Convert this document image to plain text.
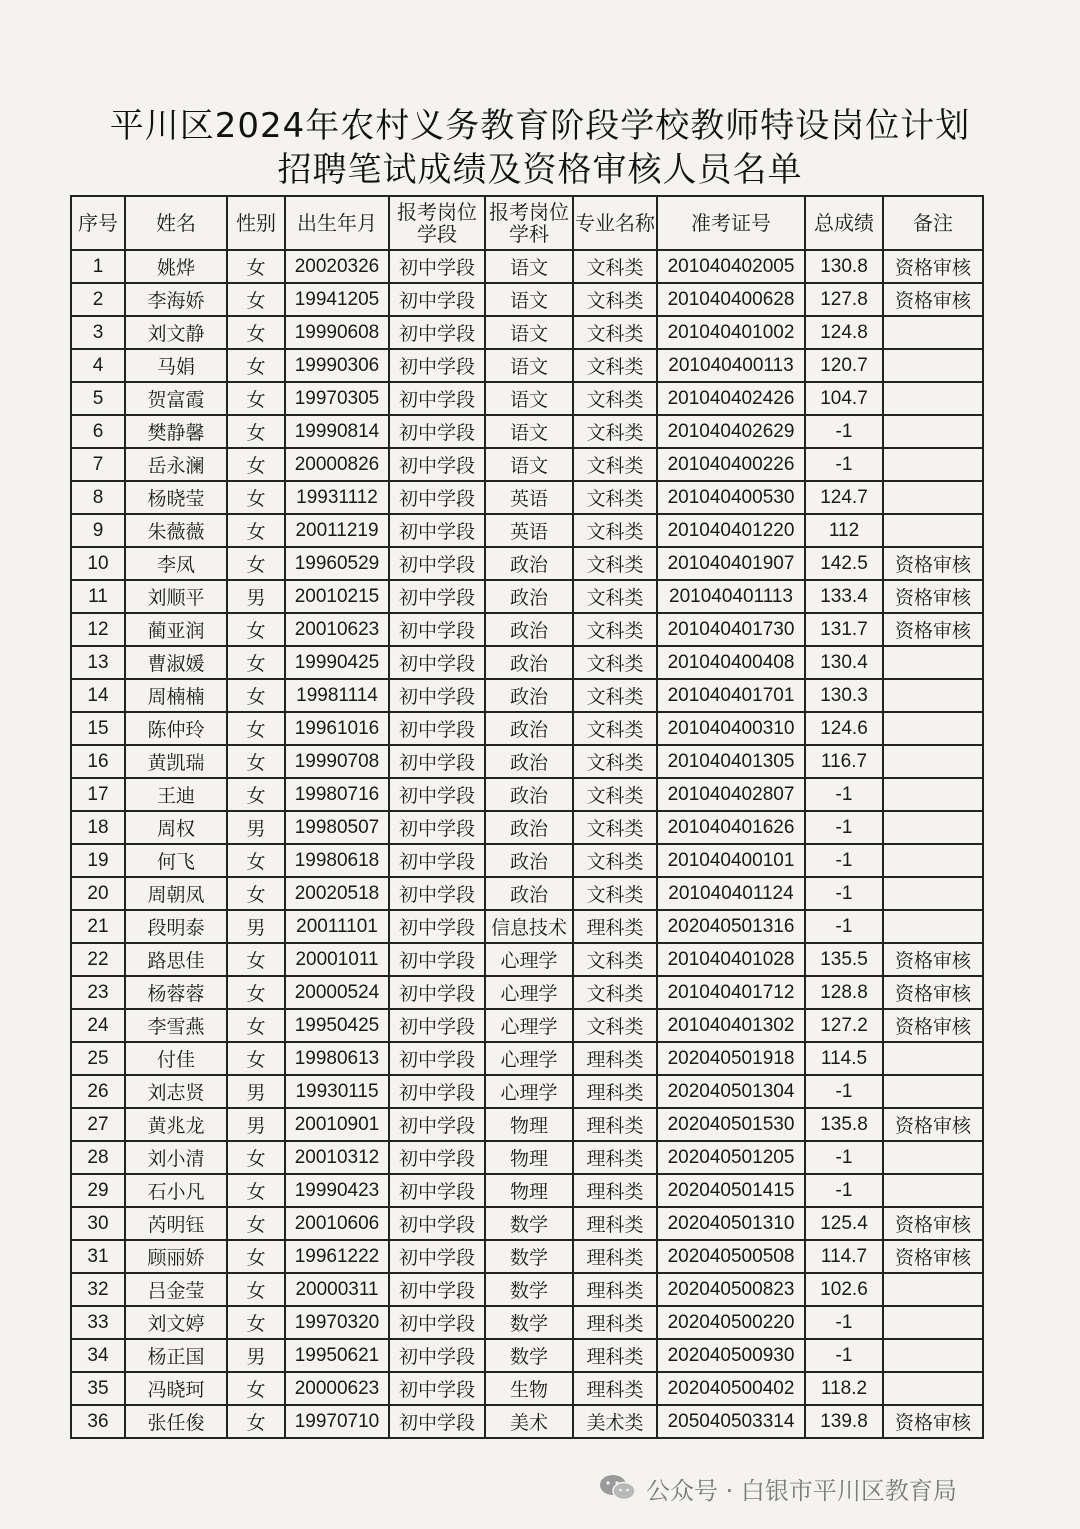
平川区2024年农村义务教育阶段学校教师特设岗位计划
招聘笔试成绩及资格审核人员名单
序号	姓名	性别	出生年月	报考岗位学段	报考岗位学科	专业名称	准考证号	总成绩	备注
1	姚烨	女	20020326	初中学段	语文	文科类	201040402005	130.8	资格审核
2	李海娇	女	19941205	初中学段	语文	文科类	201040400628	127.8	资格审核
3	刘文静	女	19990608	初中学段	语文	文科类	201040401002	124.8	
4	马娟	女	19990306	初中学段	语文	文科类	201040400113	120.7	
5	贺富霞	女	19970305	初中学段	语文	文科类	201040402426	104.7	
6	樊静馨	女	19990814	初中学段	语文	文科类	201040402629	-1	
7	岳永澜	女	20000826	初中学段	语文	文科类	201040400226	-1	
8	杨晓莹	女	19931112	初中学段	英语	文科类	201040400530	124.7	
9	朱薇薇	女	20011219	初中学段	英语	文科类	201040401220	112	
10	李凤	女	19960529	初中学段	政治	文科类	201040401907	142.5	资格审核
11	刘顺平	男	20010215	初中学段	政治	文科类	201040401113	133.4	资格审核
12	蔺亚润	女	20010623	初中学段	政治	文科类	201040401730	131.7	资格审核
13	曹淑媛	女	19990425	初中学段	政治	文科类	201040400408	130.4	
14	周楠楠	女	19981114	初中学段	政治	文科类	201040401701	130.3	
15	陈仲玲	女	19961016	初中学段	政治	文科类	201040400310	124.6	
16	黄凯瑞	女	19990708	初中学段	政治	文科类	201040401305	116.7	
17	王迪	女	19980716	初中学段	政治	文科类	201040402807	-1	
18	周权	男	19980507	初中学段	政治	文科类	201040401626	-1	
19	何飞	女	19980618	初中学段	政治	文科类	201040400101	-1	
20	周朝凤	女	20020518	初中学段	政治	文科类	201040401124	-1	
21	段明泰	男	20011101	初中学段	信息技术	理科类	202040501316	-1	
22	路思佳	女	20001011	初中学段	心理学	文科类	201040401028	135.5	资格审核
23	杨蓉蓉	女	20000524	初中学段	心理学	文科类	201040401712	128.8	资格审核
24	李雪燕	女	19950425	初中学段	心理学	文科类	201040401302	127.2	资格审核
25	付佳	女	19980613	初中学段	心理学	理科类	202040501918	114.5	
26	刘志贤	男	19930115	初中学段	心理学	理科类	202040501304	-1	
27	黄兆龙	男	20010901	初中学段	物理	理科类	202040501530	135.8	资格审核
28	刘小清	女	20010312	初中学段	物理	理科类	202040501205	-1	
29	石小凡	女	19990423	初中学段	物理	理科类	202040501415	-1	
30	芮明钰	女	20010606	初中学段	数学	理科类	202040501310	125.4	资格审核
31	顾丽娇	女	19961222	初中学段	数学	理科类	202040500508	114.7	资格审核
32	吕金莹	女	20000311	初中学段	数学	理科类	202040500823	102.6	
33	刘文婷	女	19970320	初中学段	数学	理科类	202040500220	-1	
34	杨正国	男	19950621	初中学段	数学	理科类	202040500930	-1	
35	冯晓珂	女	20000623	初中学段	生物	理科类	202040500402	118.2	
36	张任俊	女	19970710	初中学段	美术	美术类	205040503314	139.8	资格审核
公众号 · 白银市平川区教育局
